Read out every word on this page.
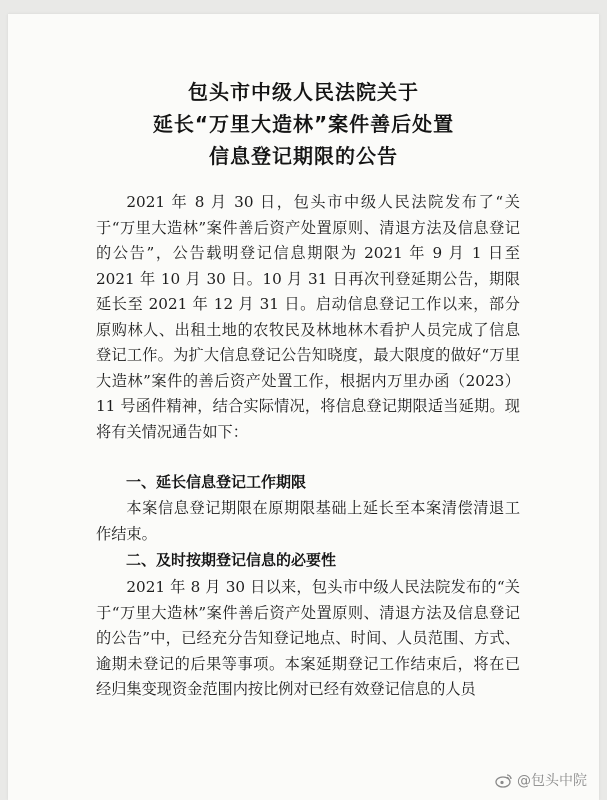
包头市中级人民法院关于
延长“万里大造林”案件善后处置
信息登记期限的公告

2021 年 8 月 30 日，包头市中级人民法院发布了“关于“万里大造林”案件善后资产处置原则、清退方法及信息登记的公告”，公告载明登记信息期限为 2021 年 9 月 1 日至 2021 年 10 月 30 日。10 月 31 日再次刊登延期公告，期限延长至 2021 年 12 月 31 日。启动信息登记工作以来，部分原购林人、出租土地的农牧民及林地林木看护人员完成了信息登记工作。为扩大信息登记公告知晓度，最大限度的做好“万里大造林”案件的善后资产处置工作，根据内万里办函（2023）11 号函件精神，结合实际情况，将信息登记期限适当延期。现将有关情况通告如下：

一、延长信息登记工作期限

本案信息登记期限在原期限基础上延长至本案清偿清退工作结束。

二、及时按期登记信息的必要性

2021 年 8 月 30 日以来，包头市中级人民法院发布的“关于“万里大造林”案件善后资产处置原则、清退方法及信息登记的公告”中，已经充分告知登记地点、时间、人员范围、方式、逾期未登记的后果等事项。本案延期登记工作结束后，将在已经归集变现资金范围内按比例对已经有效登记信息的人员

@包头中院
